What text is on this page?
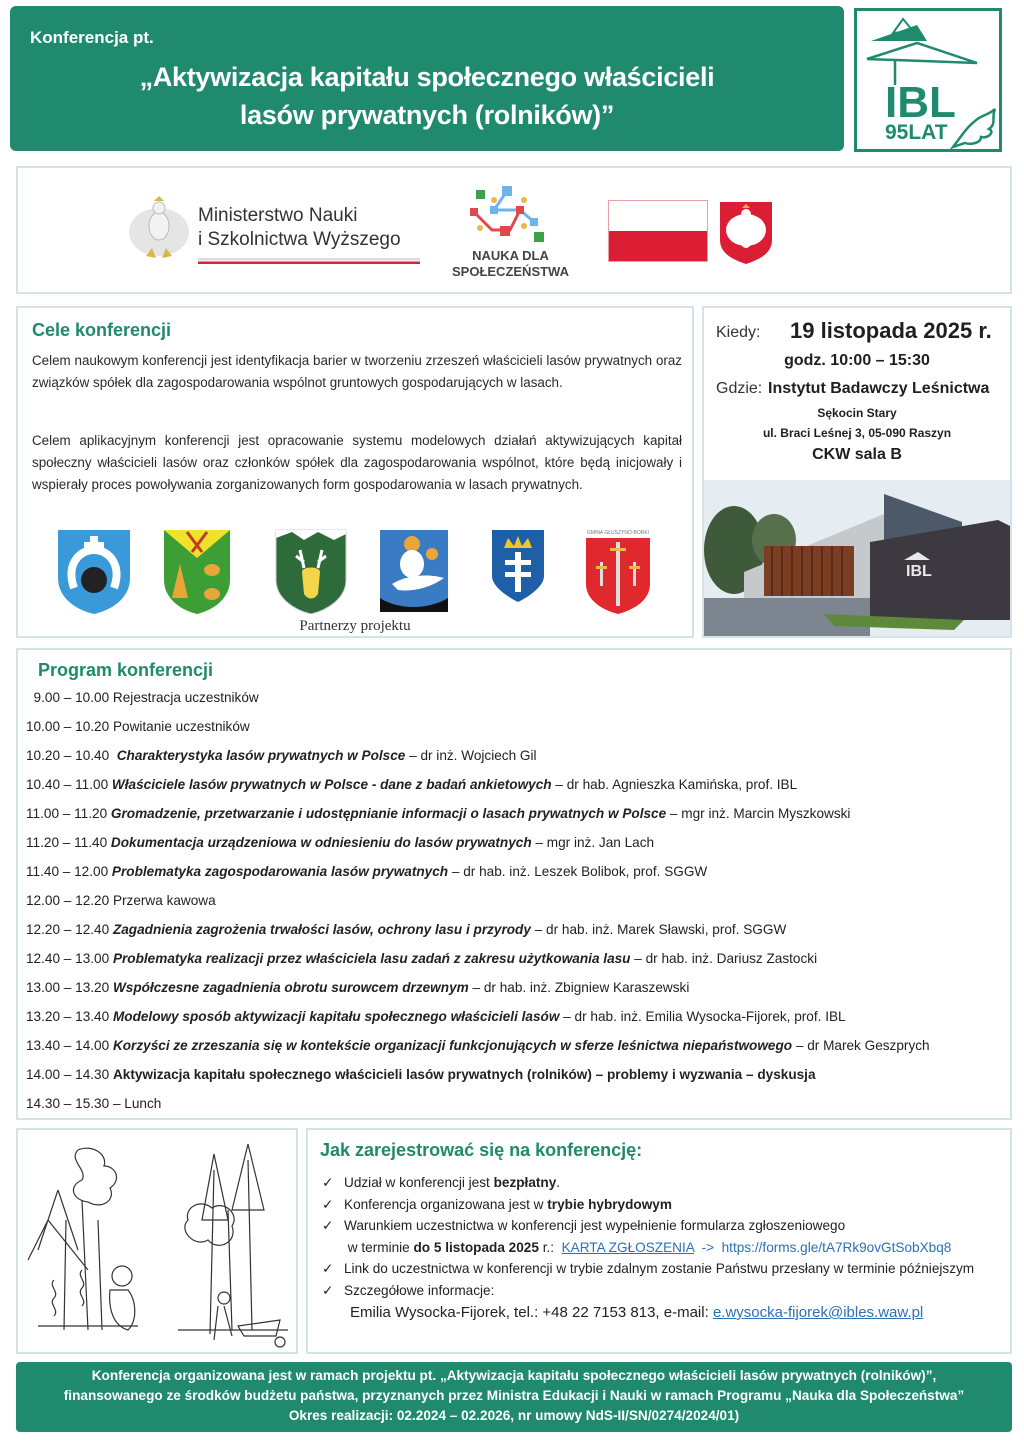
Konferencja pt.
„Aktywizacja kapitału społecznego właścicieli
lasów prywatnych (rolników)”	IBL
95LAT
Ministerstwo Nauki
i Szkolnictwa Wyższego
NAUKA DLA
SPOŁECZEŃSTWA
Cele konferencji
Celem naukowym konferencji jest identyfikacja barier w tworzeniu zrzeszeń właścicieli lasów prywatnych oraz związków spółek dla zagospodarowania wspólnot gruntowych gospodarujących w lasach.
Celem aplikacyjnym konferencji jest opracowanie systemu modelowych działań aktywizujących kapitał społeczny właścicieli lasów oraz członków spółek dla zagospodarowania wspólnot, które będą inicjowały i wspierały proces powoływania zorganizowanych form gospodarowania w lasach prywatnych.
GMINA GŁUSZYNO-BORKI
Partnerzy projektu
Kiedy: 19 listopada 2025 r.
godz. 10:00 – 15:30
Gdzie: Instytut Badawczy Leśnictwa
Sękocin Stary
ul. Braci Leśnej 3, 05-090 Raszyn
CKW sala B
IBL
Program konferencji
9.00 – 10.00 Rejestracja uczestników
10.00 – 10.20 Powitanie uczestników
10.20 – 10.40  Charakterystyka lasów prywatnych w Polsce – dr inż. Wojciech Gil
10.40 – 11.00 Właściciele lasów prywatnych w Polsce - dane z badań ankietowych – dr hab. Agnieszka Kamińska, prof. IBL
11.00 – 11.20 Gromadzenie, przetwarzanie i udostępnianie informacji o lasach prywatnych w Polsce – mgr inż. Marcin Myszkowski
11.20 – 11.40 Dokumentacja urządzeniowa w odniesieniu do lasów prywatnych – mgr inż. Jan Lach
11.40 – 12.00 Problematyka zagospodarowania lasów prywatnych – dr hab. inż. Leszek Bolibok, prof. SGGW
12.00 – 12.20 Przerwa kawowa
12.20 – 12.40 Zagadnienia zagrożenia trwałości lasów, ochrony lasu i przyrody – dr hab. inż. Marek Sławski, prof. SGGW
12.40 – 13.00 Problematyka realizacji przez właściciela lasu zadań z zakresu użytkowania lasu – dr hab. inż. Dariusz Zastocki
13.00 – 13.20 Współczesne zagadnienia obrotu surowcem drzewnym – dr hab. inż. Zbigniew Karaszewski
13.20 – 13.40 Modelowy sposób aktywizacji kapitału społecznego właścicieli lasów – dr hab. inż. Emilia Wysocka-Fijorek, prof. IBL
13.40 – 14.00 Korzyści ze zrzeszania się w kontekście organizacji funkcjonujących w sferze leśnictwa niepaństwowego – dr Marek Geszprych
14.00 – 14.30 Aktywizacja kapitału społecznego właścicieli lasów prywatnych (rolników) – problemy i wyzwania – dyskusja
14.30 – 15.30 – Lunch
Jak zarejestrować się na konferencję:
✓ Udział w konferencji jest bezpłatny.
✓ Konferencja organizowana jest w trybie hybrydowym
✓ Warunkiem uczestnictwa w konferencji jest wypełnienie formularza zgłoszeniowego
w terminie do 5 listopada 2025 r.:  KARTA ZGŁOSZENIA  ->  https://forms.gle/tA7Rk9ovGtSobXbq8
✓ Link do uczestnictwa w konferencji w trybie zdalnym zostanie Państwu przesłany w terminie późniejszym
✓ Szczegółowe informacje:
Emilia Wysocka-Fijorek, tel.: +48 22 7153 813, e-mail: e.wysocka-fijorek@ibles.waw.pl
Konferencja organizowana jest w ramach projektu pt. „Aktywizacja kapitału społecznego właścicieli lasów prywatnych (rolników)”,
finansowanego ze środków budżetu państwa, przyznanych przez Ministra Edukacji i Nauki w ramach Programu „Nauka dla Społeczeństwa”
Okres realizacji: 02.2024 – 02.2026, nr umowy NdS-II/SN/0274/2024/01)
